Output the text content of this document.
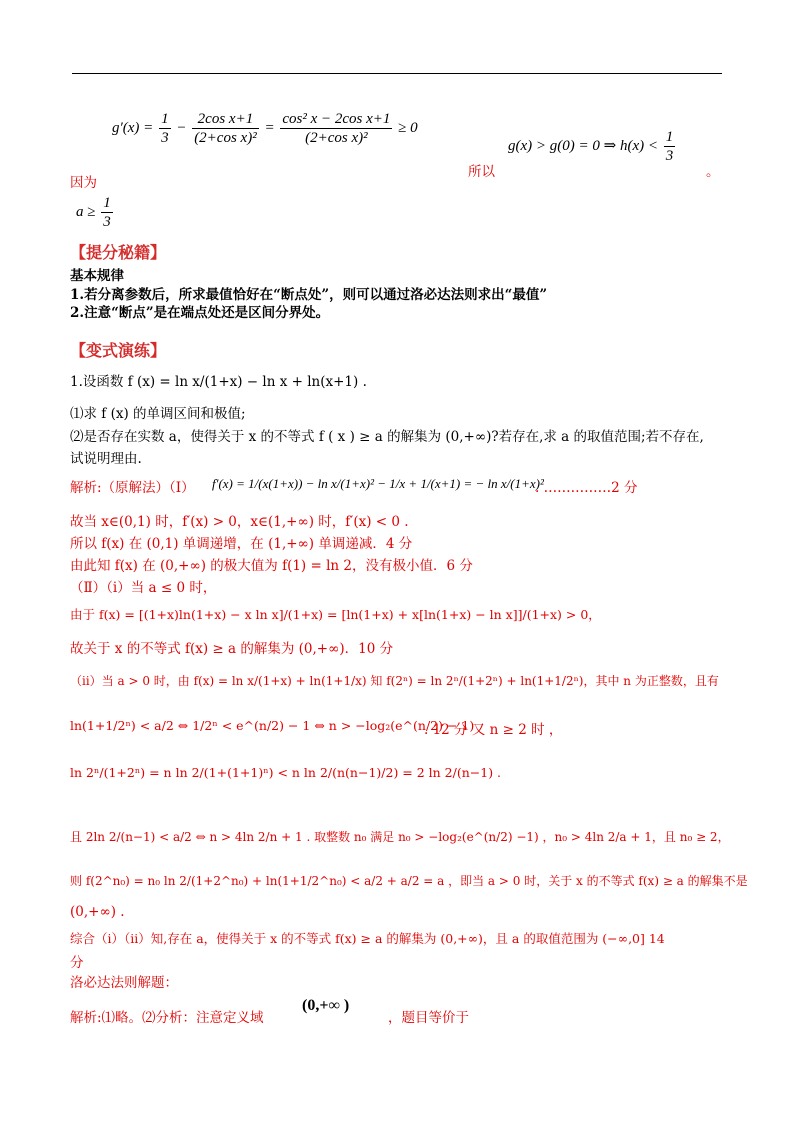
$g'(x) = \frac{1}{3} - \frac{\text{2cos x+1}}{\text{(2+cos x)²}} = \frac{\text{cos² x − 2cos x+1}}{\text{(2+cos x)²}} \ge 0$
g(x) > g(0) = 0 ⇒ $h(x) < \frac{1}{3}$
。
所以
因为
$a \ge \frac{1}{3}$
【提分秘籍】
基本规律
1.若分离参数后，所求最值恰好在“断点处”，则可以通过洛必达法则求出“最值”
2.注意“断点”是在端点处还是区间分界处。
【变式演练】
1.设函数 f (x) = ln x/(1+x) − ln x + ln(x+1) .
⑴求 f (x) 的单调区间和极值;
⑵是否存在实数 a，使得关于 x 的不等式 f ( x ) ≥ a 的解集为 (0,+∞)?若存在,求 a 的取值范围;若不存在,
试说明理由.
解析:（原解法）（Ⅰ） f′(x) = 1/(x(1+x)) − ln x/(1+x)² − 1/x + 1/(x+1) = − ln x/(1+x)²
. ……………2 分
故当 x∈(0,1) 时，f′(x) > 0，x∈(1,+∞) 时，f′(x) < 0 .
所以 f(x) 在 (0,1) 单调递增，在 (1,+∞) 单调递减．4 分
由此知 f(x) 在 (0,+∞) 的极大值为 f(1) = ln 2，没有极小值．6 分
（Ⅱ）（ⅰ）当 a ≤ 0 时，
由于 f(x) = [(1+x)ln(1+x) − x ln x]/(1+x) = [ln(1+x) + x[ln(1+x) − ln x]]/(1+x) > 0，
故关于 x 的不等式 f(x) ≥ a 的解集为 (0,+∞)．10 分
（ⅱ）当 a > 0 时，由 f(x) = ln x/(1+x) + ln(1+1/x) 知 f(2ⁿ) = ln 2ⁿ/(1+2ⁿ) + ln(1+1/2ⁿ)，其中 n 为正整数，且有
ln(1+1/2ⁿ) < a/2 ⇔ 1/2ⁿ < e^(n/2) − 1 ⇔ n > −log₂(e^(n/2) − 1)
. 12 分 又 n ≥ 2 时 ，
ln 2ⁿ/(1+2ⁿ) = n ln 2/(1+(1+1)ⁿ) < n ln 2/(n(n−1)/2) = 2 ln 2/(n−1) .
且 2ln 2/(n−1) < a/2 ⇔ n > 4ln 2/n + 1 . 取整数 n₀ 满足 n₀ > −log₂(e^(n/2) −1) ，n₀ > 4ln 2/a + 1，且 n₀ ≥ 2，
则 f(2^n₀) = n₀ ln 2/(1+2^n₀) + ln(1+1/2^n₀) < a/2 + a/2 = a ，即当 a > 0 时，关于 x 的不等式 f(x) ≥ a 的解集不是
(0,+∞) .
综合（ⅰ）（ⅱ）知,存在 a，使得关于 x 的不等式 f(x) ≥ a 的解集为 (0,+∞)，且 a 的取值范围为 (−∞,0] 14
分
洛必达法则解题：
解析:⑴略。⑵分析：注意定义域
(0,+∞ )
，题目等价于
